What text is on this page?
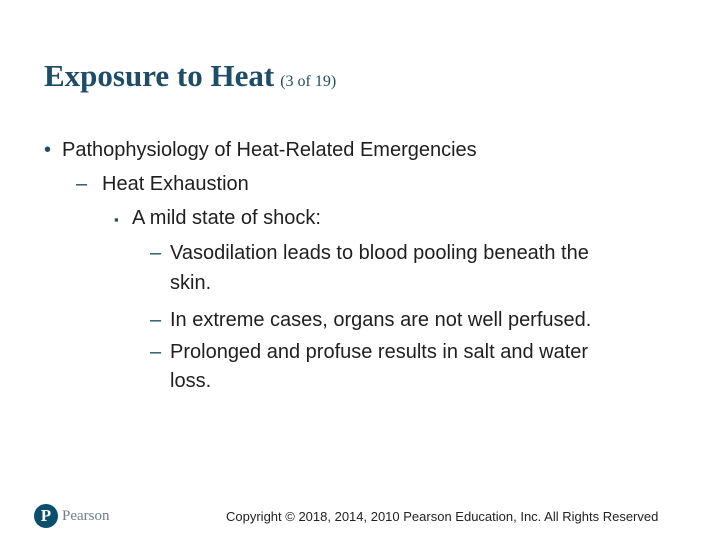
Exposure to Heat (3 of 19)
• Pathophysiology of Heat-Related Emergencies
– Heat Exhaustion
▪ A mild state of shock:
– Vasodilation leads to blood pooling beneath the
skin.
– In extreme cases, organs are not well perfused.
– Prolonged and profuse results in salt and water
loss.
P Pearson	Copyright © 2018, 2014, 2010 Pearson Education, Inc. All Rights Reserved
